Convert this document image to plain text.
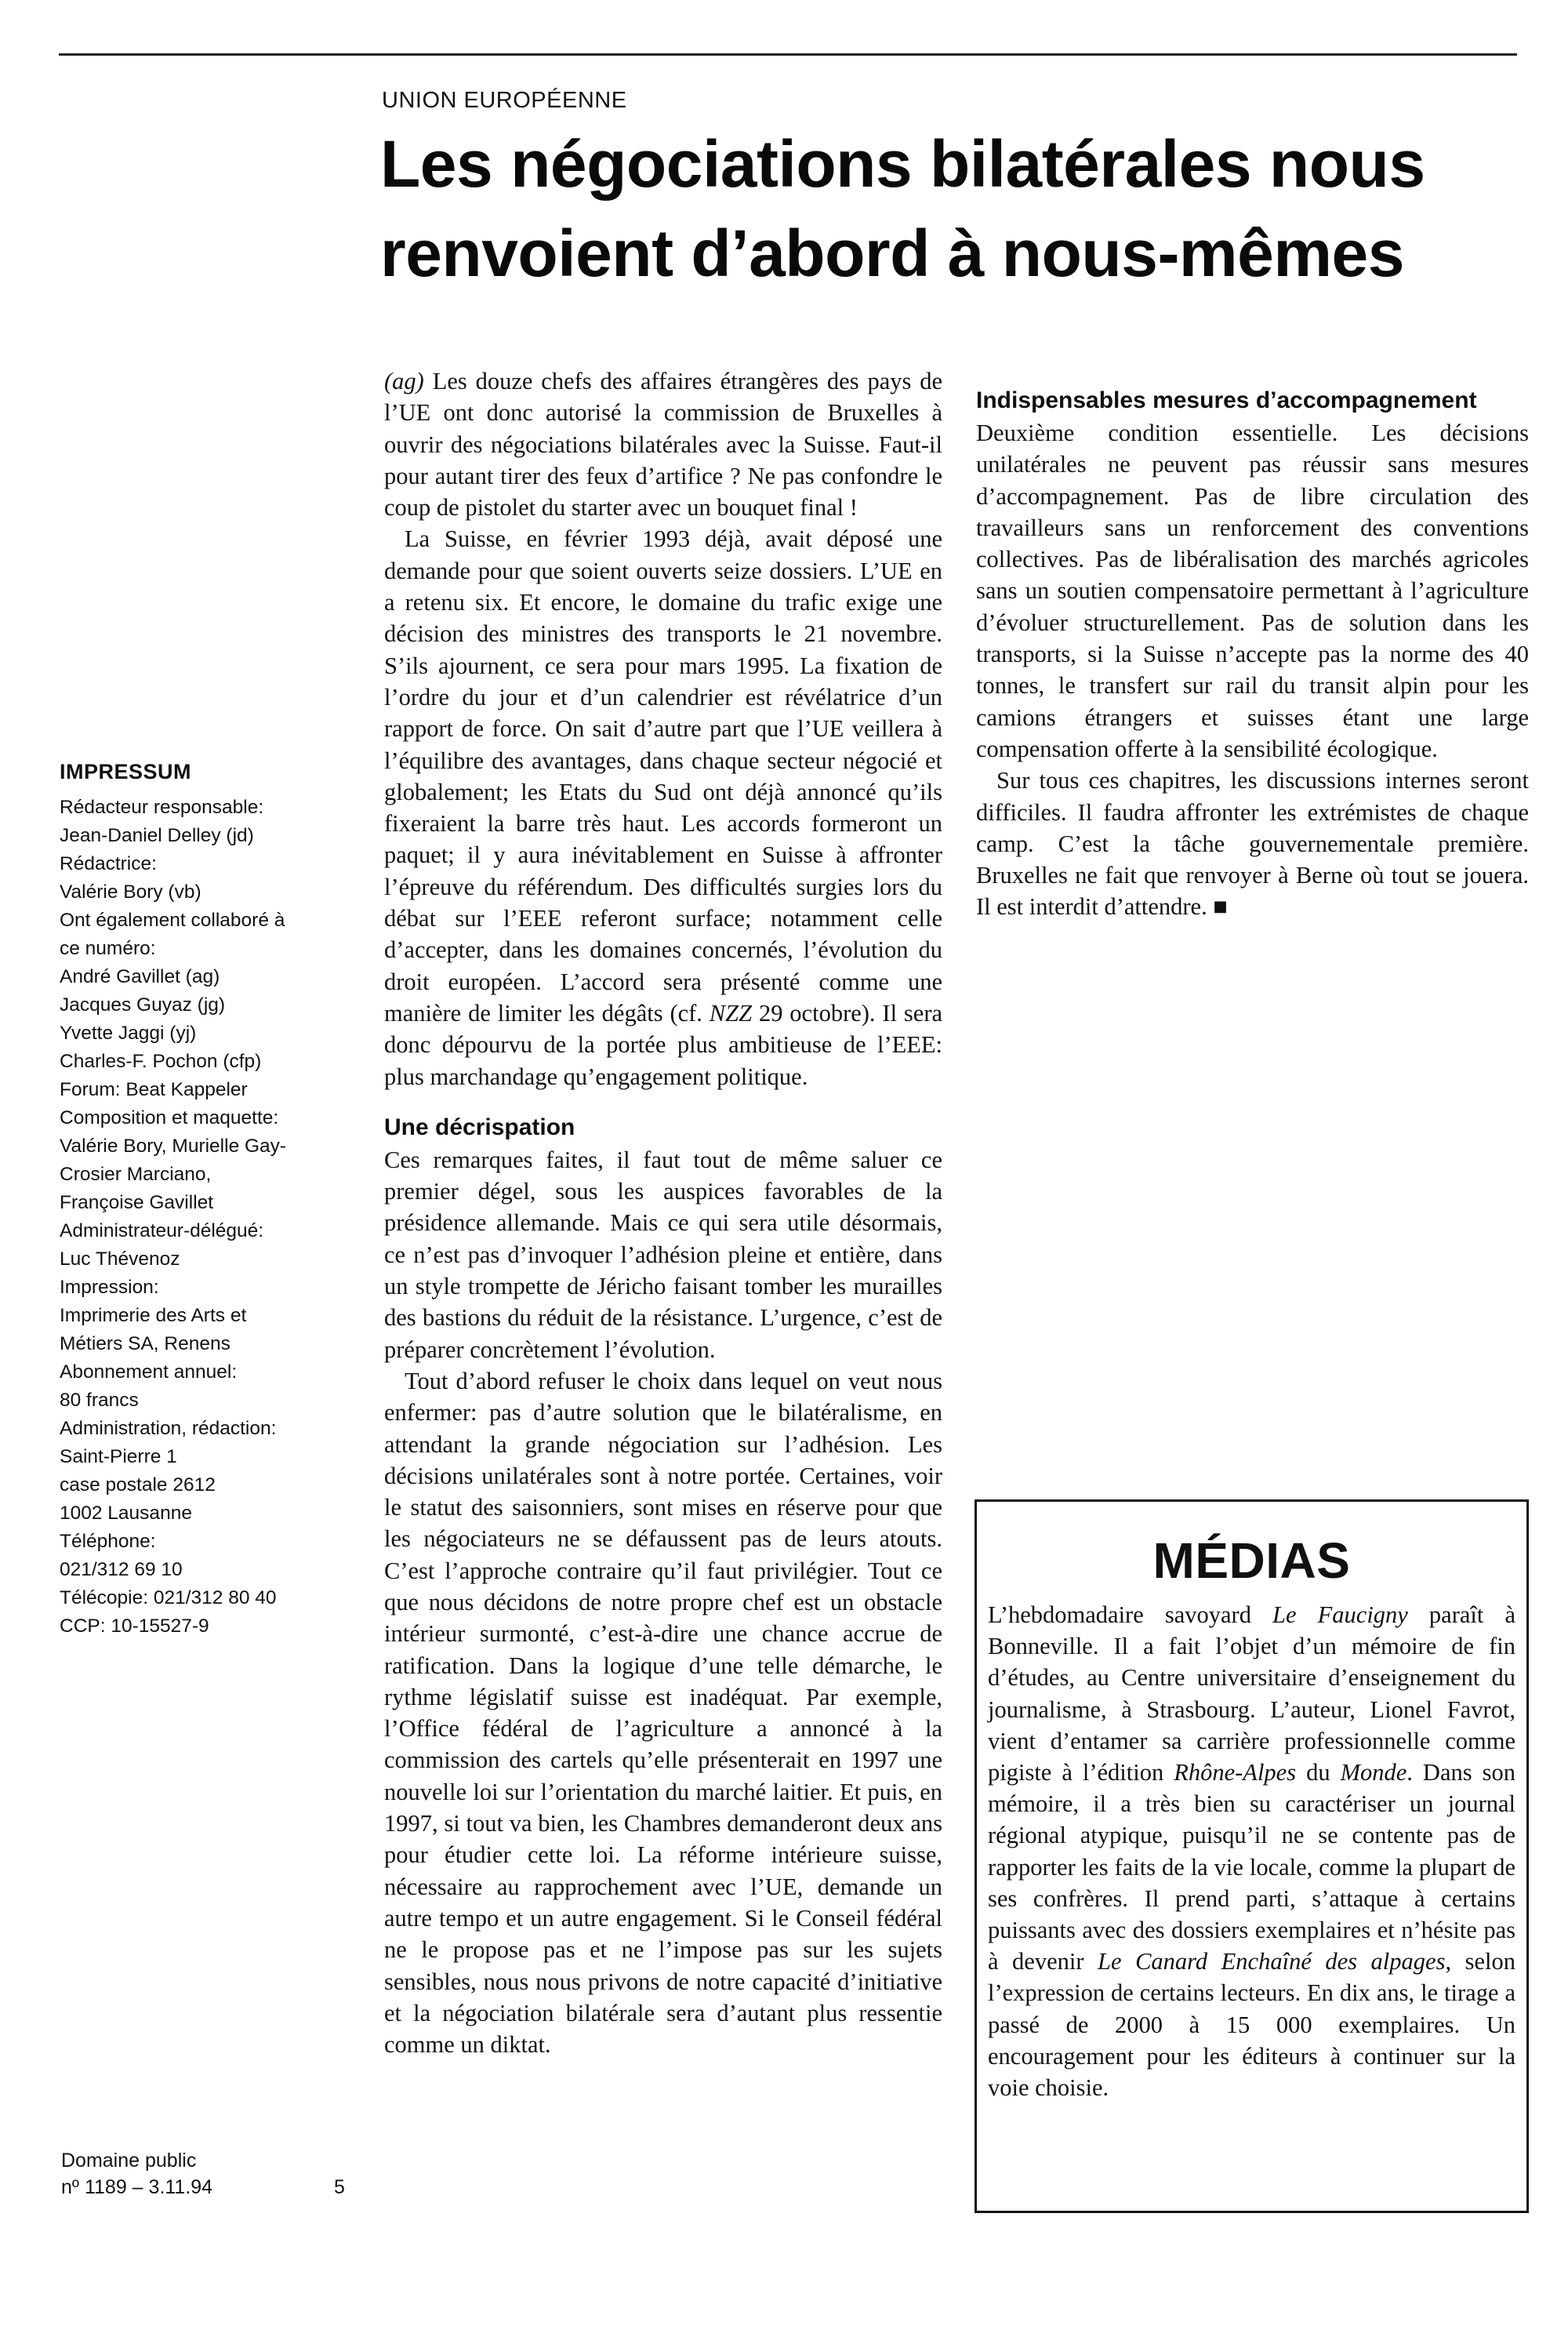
UNION EUROPÉENNE
Les négociations bilatérales nous
renvoient d’abord à nous-mêmes
IMPRESSUM
Rédacteur responsable:
Jean-Daniel Delley (jd)
Rédactrice:
Valérie Bory (vb)
Ont également collaboré à
ce numéro:
André Gavillet (ag)
Jacques Guyaz (jg)
Yvette Jaggi (yj)
Charles-F. Pochon (cfp)
Forum: Beat Kappeler
Composition et maquette:
Valérie Bory, Murielle Gay-
Crosier Marciano,
Françoise Gavillet
Administrateur-délégué:
Luc Thévenoz
Impression:
Imprimerie des Arts et
Métiers SA, Renens
Abonnement annuel:
80 francs
Administration, rédaction:
Saint-Pierre 1
case postale 2612
1002 Lausanne
Téléphone:
021/312 69 10
Télécopie: 021/312 80 40
CCP: 10-15527-9
Domaine public
nº 1189 – 3.11.94	5

(ag) Les douze chefs des affaires étrangères des pays de l’UE ont donc autorisé la commission de Bruxelles à ouvrir des négociations bilatérales avec la Suisse. Faut-il pour autant tirer des feux d’artifice ? Ne pas confondre le coup de pistolet du starter avec un bouquet final !

La Suisse, en février 1993 déjà, avait déposé une demande pour que soient ouverts seize dossiers. L’UE en a retenu six. Et encore, le domaine du trafic exige une décision des ministres des transports le 21 novembre. S’ils ajournent, ce sera pour mars 1995. La fixation de l’ordre du jour et d’un calendrier est révélatrice d’un rapport de force. On sait d’autre part que l’UE veillera à l’équilibre des avantages, dans chaque secteur négocié et globalement; les Etats du Sud ont déjà annoncé qu’ils fixeraient la barre très haut. Les accords formeront un paquet; il y aura inévitablement en Suisse à affronter l’épreuve du référendum. Des difficultés surgies lors du débat sur l’EEE referont surface; notamment celle d’accepter, dans les domaines concernés, l’évolution du droit européen. L’accord sera présenté comme une manière de limiter les dégâts (cf. NZZ 29 octobre). Il sera donc dépourvu de la portée plus ambitieuse de l’EEE: plus marchandage qu’engagement politique.

Une décrispation

Ces remarques faites, il faut tout de même saluer ce premier dégel, sous les auspices favorables de la présidence allemande. Mais ce qui sera utile désormais, ce n’est pas d’invoquer l’adhésion pleine et entière, dans un style trompette de Jéricho faisant tomber les murailles des bastions du réduit de la résistance. L’urgence, c’est de préparer concrètement l’évolution.

Tout d’abord refuser le choix dans lequel on veut nous enfermer: pas d’autre solution que le bilatéralisme, en attendant la grande négociation sur l’adhésion. Les décisions unilatérales sont à notre portée. Certaines, voir le statut des saisonniers, sont mises en réserve pour que les négociateurs ne se défaussent pas de leurs atouts. C’est l’approche contraire qu’il faut privilégier. Tout ce que nous décidons de notre propre chef est un obstacle intérieur surmonté, c’est-à-dire une chance accrue de ratification. Dans la logique d’une telle démarche, le rythme législatif suisse est inadéquat. Par exemple, l’Office fédéral de l’agriculture a annoncé à la commission des cartels qu’elle présenterait en 1997 une nouvelle loi sur l’orientation du marché laitier. Et puis, en 1997, si tout va bien, les Chambres demanderont deux ans pour étudier cette loi. La réforme intérieure suisse, nécessaire au rapprochement avec l’UE, demande un autre tempo et un autre engagement. Si le Conseil fédéral ne le propose pas et ne l’impose pas sur les sujets sensibles, nous nous privons de notre capacité d’initiative et la négociation bilatérale sera d’autant plus ressentie comme un diktat.

Indispensables mesures d’accompagnement

Deuxième condition essentielle. Les décisions unilatérales ne peuvent pas réussir sans mesures d’accompagnement. Pas de libre circulation des travailleurs sans un renforcement des conventions collectives. Pas de libéralisation des marchés agricoles sans un soutien compensatoire permettant à l’agriculture d’évoluer structurellement. Pas de solution dans les transports, si la Suisse n’accepte pas la norme des 40 tonnes, le transfert sur rail du transit alpin pour les camions étrangers et suisses étant une large compensation offerte à la sensibilité écologique.

Sur tous ces chapitres, les discussions internes seront difficiles. Il faudra affronter les extrémistes de chaque camp. C’est la tâche gouvernementale première. Bruxelles ne fait que renvoyer à Berne où tout se jouera. Il est interdit d’attendre. ■

MÉDIAS

L’hebdomadaire savoyard Le Faucigny paraît à Bonneville. Il a fait l’objet d’un mémoire de fin d’études, au Centre universitaire d’enseignement du journalisme, à Strasbourg. L’auteur, Lionel Favrot, vient d’entamer sa carrière professionnelle comme pigiste à l’édition Rhône-Alpes du Monde. Dans son mémoire, il a très bien su caractériser un journal régional atypique, puisqu’il ne se contente pas de rapporter les faits de la vie locale, comme la plupart de ses confrères. Il prend parti, s’attaque à certains puissants avec des dossiers exemplaires et n’hésite pas à devenir Le Canard Enchaîné des alpages, selon l’expression de certains lecteurs. En dix ans, le tirage a passé de 2000 à 15 000 exemplaires. Un encouragement pour les éditeurs à continuer sur la voie choisie.
